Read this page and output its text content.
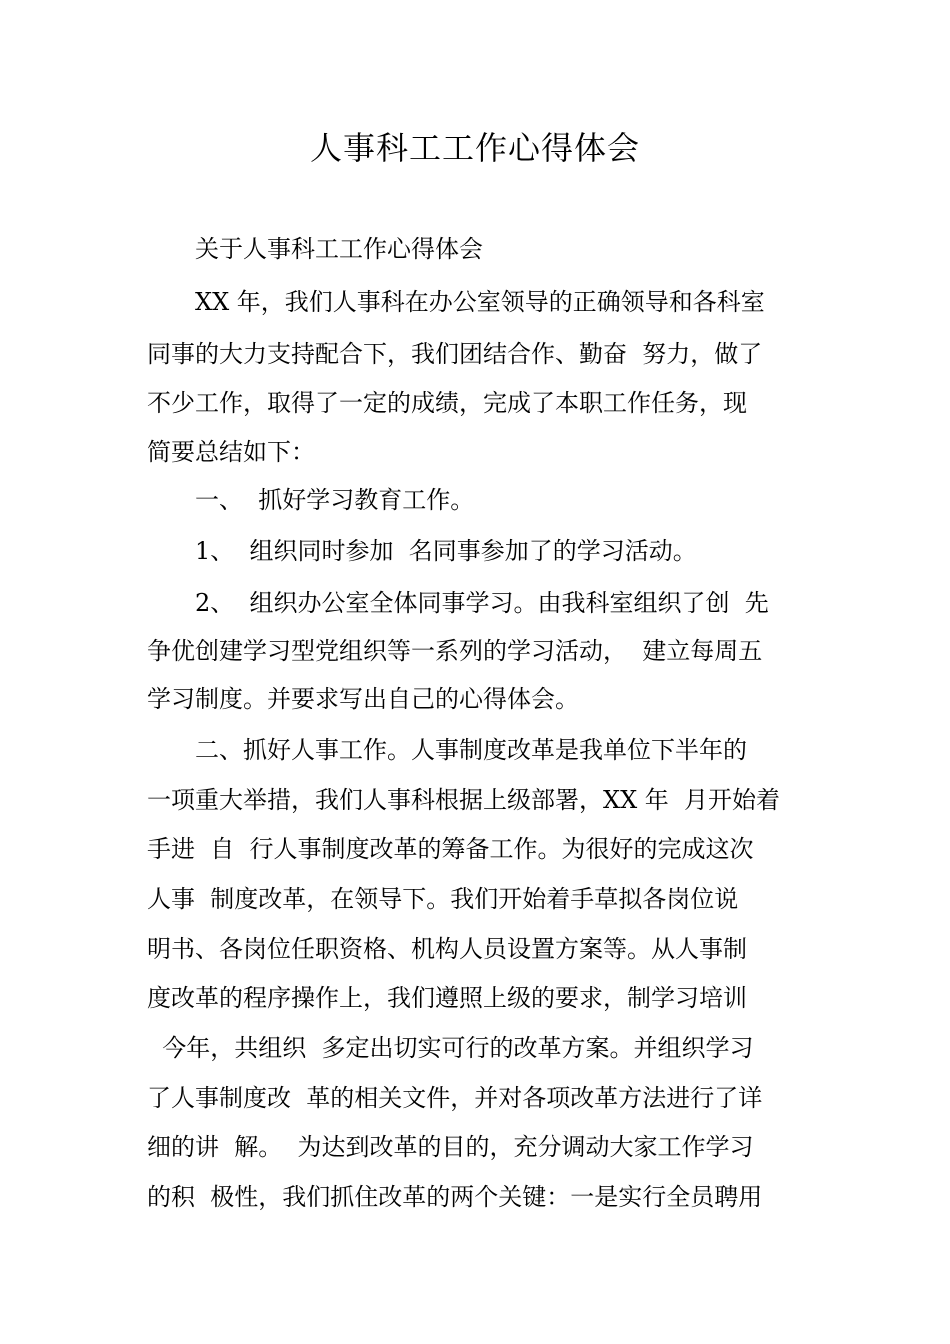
人事科工工作心得体会
关于人事科工工作心得体会
XX 年，我们人事科在办公室领导的正确领导和各科室
同事的大力支持配合下，我们团结合作、勤奋  努力，做了
不少工作，取得了一定的成绩，完成了本职工作任务，现
简要总结如下：
一、  抓好学习教育工作。
1、  组织同时参加  名同事参加了的学习活动。
2、  组织办公室全体同事学习。由我科室组织了创  先
争优创建学习型党组织等一系列的学习活动，  建立每周五
学习制度。并要求写出自己的心得体会。
二、抓好人事工作。人事制度改革是我单位下半年的
一项重大举措，我们人事科根据上级部署，XX 年  月开始着
手进  自  行人事制度改革的筹备工作。为很好的完成这次
人事  制度改革，在领导下。我们开始着手草拟各岗位说
明书、各岗位任职资格、机构人员设置方案等。从人事制
度改革的程序操作上，我们遵照上级的要求，制学习培训
今年，共组织  多定出切实可行的改革方案。并组织学习
了人事制度改  革的相关文件，并对各项改革方法进行了详
细的讲  解。  为达到改革的目的，充分调动大家工作学习
的积  极性，我们抓住改革的两个关键：一是实行全员聘用
